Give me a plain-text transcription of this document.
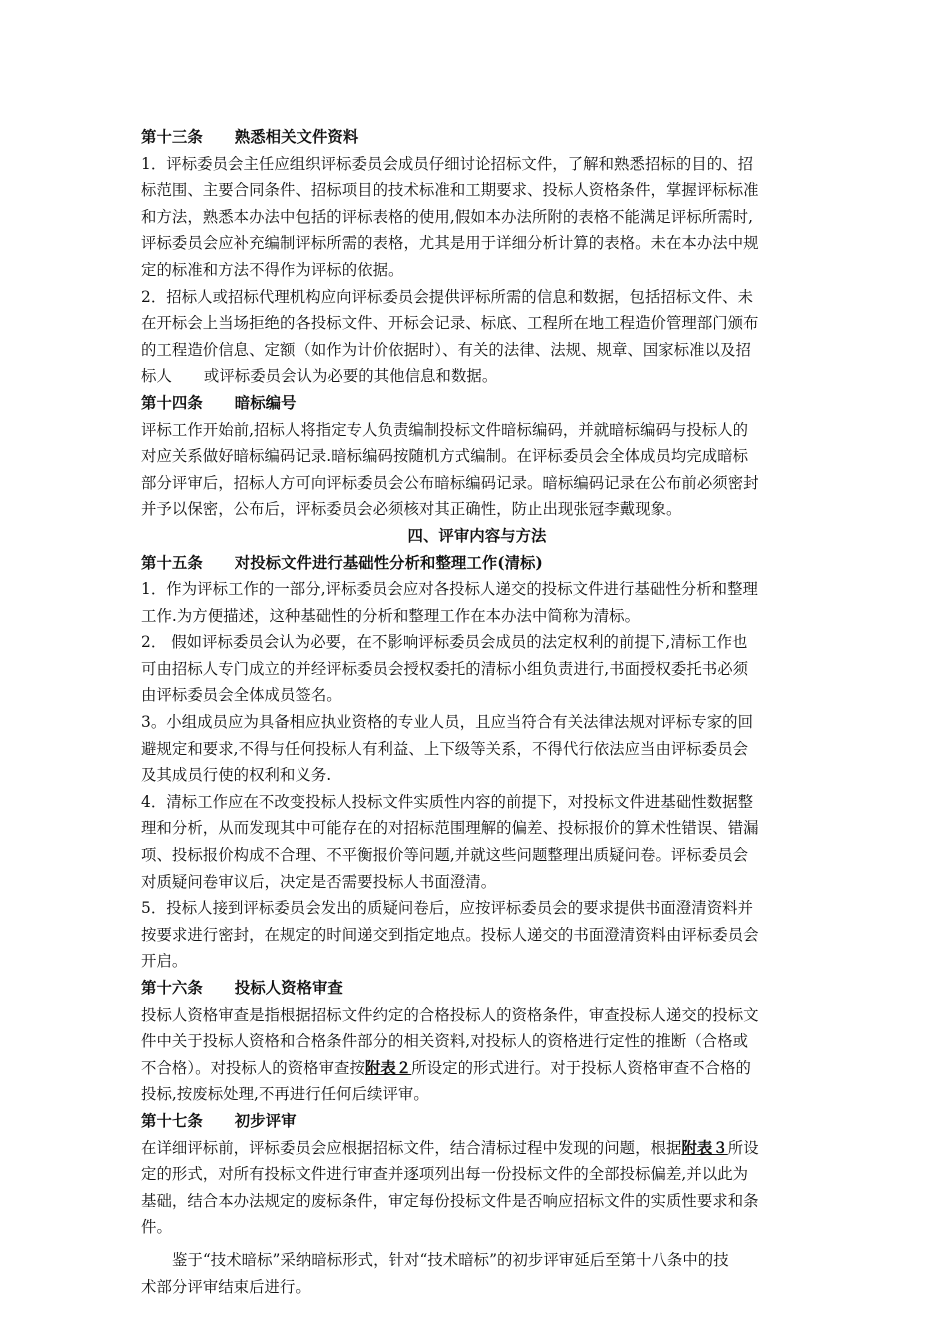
第十三条 熟悉相关文件资料
1．评标委员会主任应组织评标委员会成员仔细讨论招标文件，了解和熟悉招标的目的、招
标范围、主要合同条件、招标项目的技术标准和工期要求、投标人资格条件，掌握评标标准
和方法，熟悉本办法中包括的评标表格的使用,假如本办法所附的表格不能满足评标所需时,
评标委员会应补充编制评标所需的表格，尤其是用于详细分析计算的表格。未在本办法中规
定的标准和方法不得作为评标的依据。
2．招标人或招标代理机构应向评标委员会提供评标所需的信息和数据，包括招标文件、未
在开标会上当场拒绝的各投标文件、开标会记录、标底、工程所在地工程造价管理部门颁布
的工程造价信息、定额（如作为计价依据时）、有关的法律、法规、规章、国家标准以及招
标人 或评标委员会认为必要的其他信息和数据。
第十四条 暗标编号
评标工作开始前,招标人将指定专人负责编制投标文件暗标编码，并就暗标编码与投标人的
对应关系做好暗标编码记录.暗标编码按随机方式编制。在评标委员会全体成员均完成暗标
部分评审后，招标人方可向评标委员会公布暗标编码记录。暗标编码记录在公布前必须密封
并予以保密，公布后，评标委员会必须核对其正确性，防止出现张冠李戴现象。
四、评审内容与方法
第十五条 对投标文件进行基础性分析和整理工作(清标)
1．作为评标工作的一部分,评标委员会应对各投标人递交的投标文件进行基础性分析和整理
工作.为方便描述，这种基础性的分析和整理工作在本办法中简称为清标。
2． 假如评标委员会认为必要，在不影响评标委员会成员的法定权利的前提下,清标工作也
可由招标人专门成立的并经评标委员会授权委托的清标小组负责进行,书面授权委托书必须
由评标委员会全体成员签名。
3。小组成员应为具备相应执业资格的专业人员，且应当符合有关法律法规对评标专家的回
避规定和要求,不得与任何投标人有利益、上下级等关系，不得代行依法应当由评标委员会
及其成员行使的权利和义务.
4．清标工作应在不改变投标人投标文件实质性内容的前提下，对投标文件进基础性数据整
理和分析，从而发现其中可能存在的对招标范围理解的偏差、投标报价的算术性错误、错漏
项、投标报价构成不合理、不平衡报价等问题,并就这些问题整理出质疑问卷。评标委员会
对质疑问卷审议后，决定是否需要投标人书面澄清。
5．投标人接到评标委员会发出的质疑问卷后，应按评标委员会的要求提供书面澄清资料并
按要求进行密封，在规定的时间递交到指定地点。投标人递交的书面澄清资料由评标委员会
开启。
第十六条 投标人资格审查
投标人资格审查是指根据招标文件约定的合格投标人的资格条件，审查投标人递交的投标文
件中关于投标人资格和合格条件部分的相关资料,对投标人的资格进行定性的推断（合格或
不合格）。对投标人的资格审查按附表２所设定的形式进行。对于投标人资格审查不合格的
投标,按废标处理,不再进行任何后续评审。
第十七条 初步评审
在详细评标前，评标委员会应根据招标文件，结合清标过程中发现的问题，根据附表３所设
定的形式，对所有投标文件进行审查并逐项列出每一份投标文件的全部投标偏差,并以此为
基础，结合本办法规定的废标条件，审定每份投标文件是否响应招标文件的实质性要求和条
件。
鉴于“技术暗标”采纳暗标形式，针对“技术暗标”的初步评审延后至第十八条中的技
术部分评审结束后进行。
